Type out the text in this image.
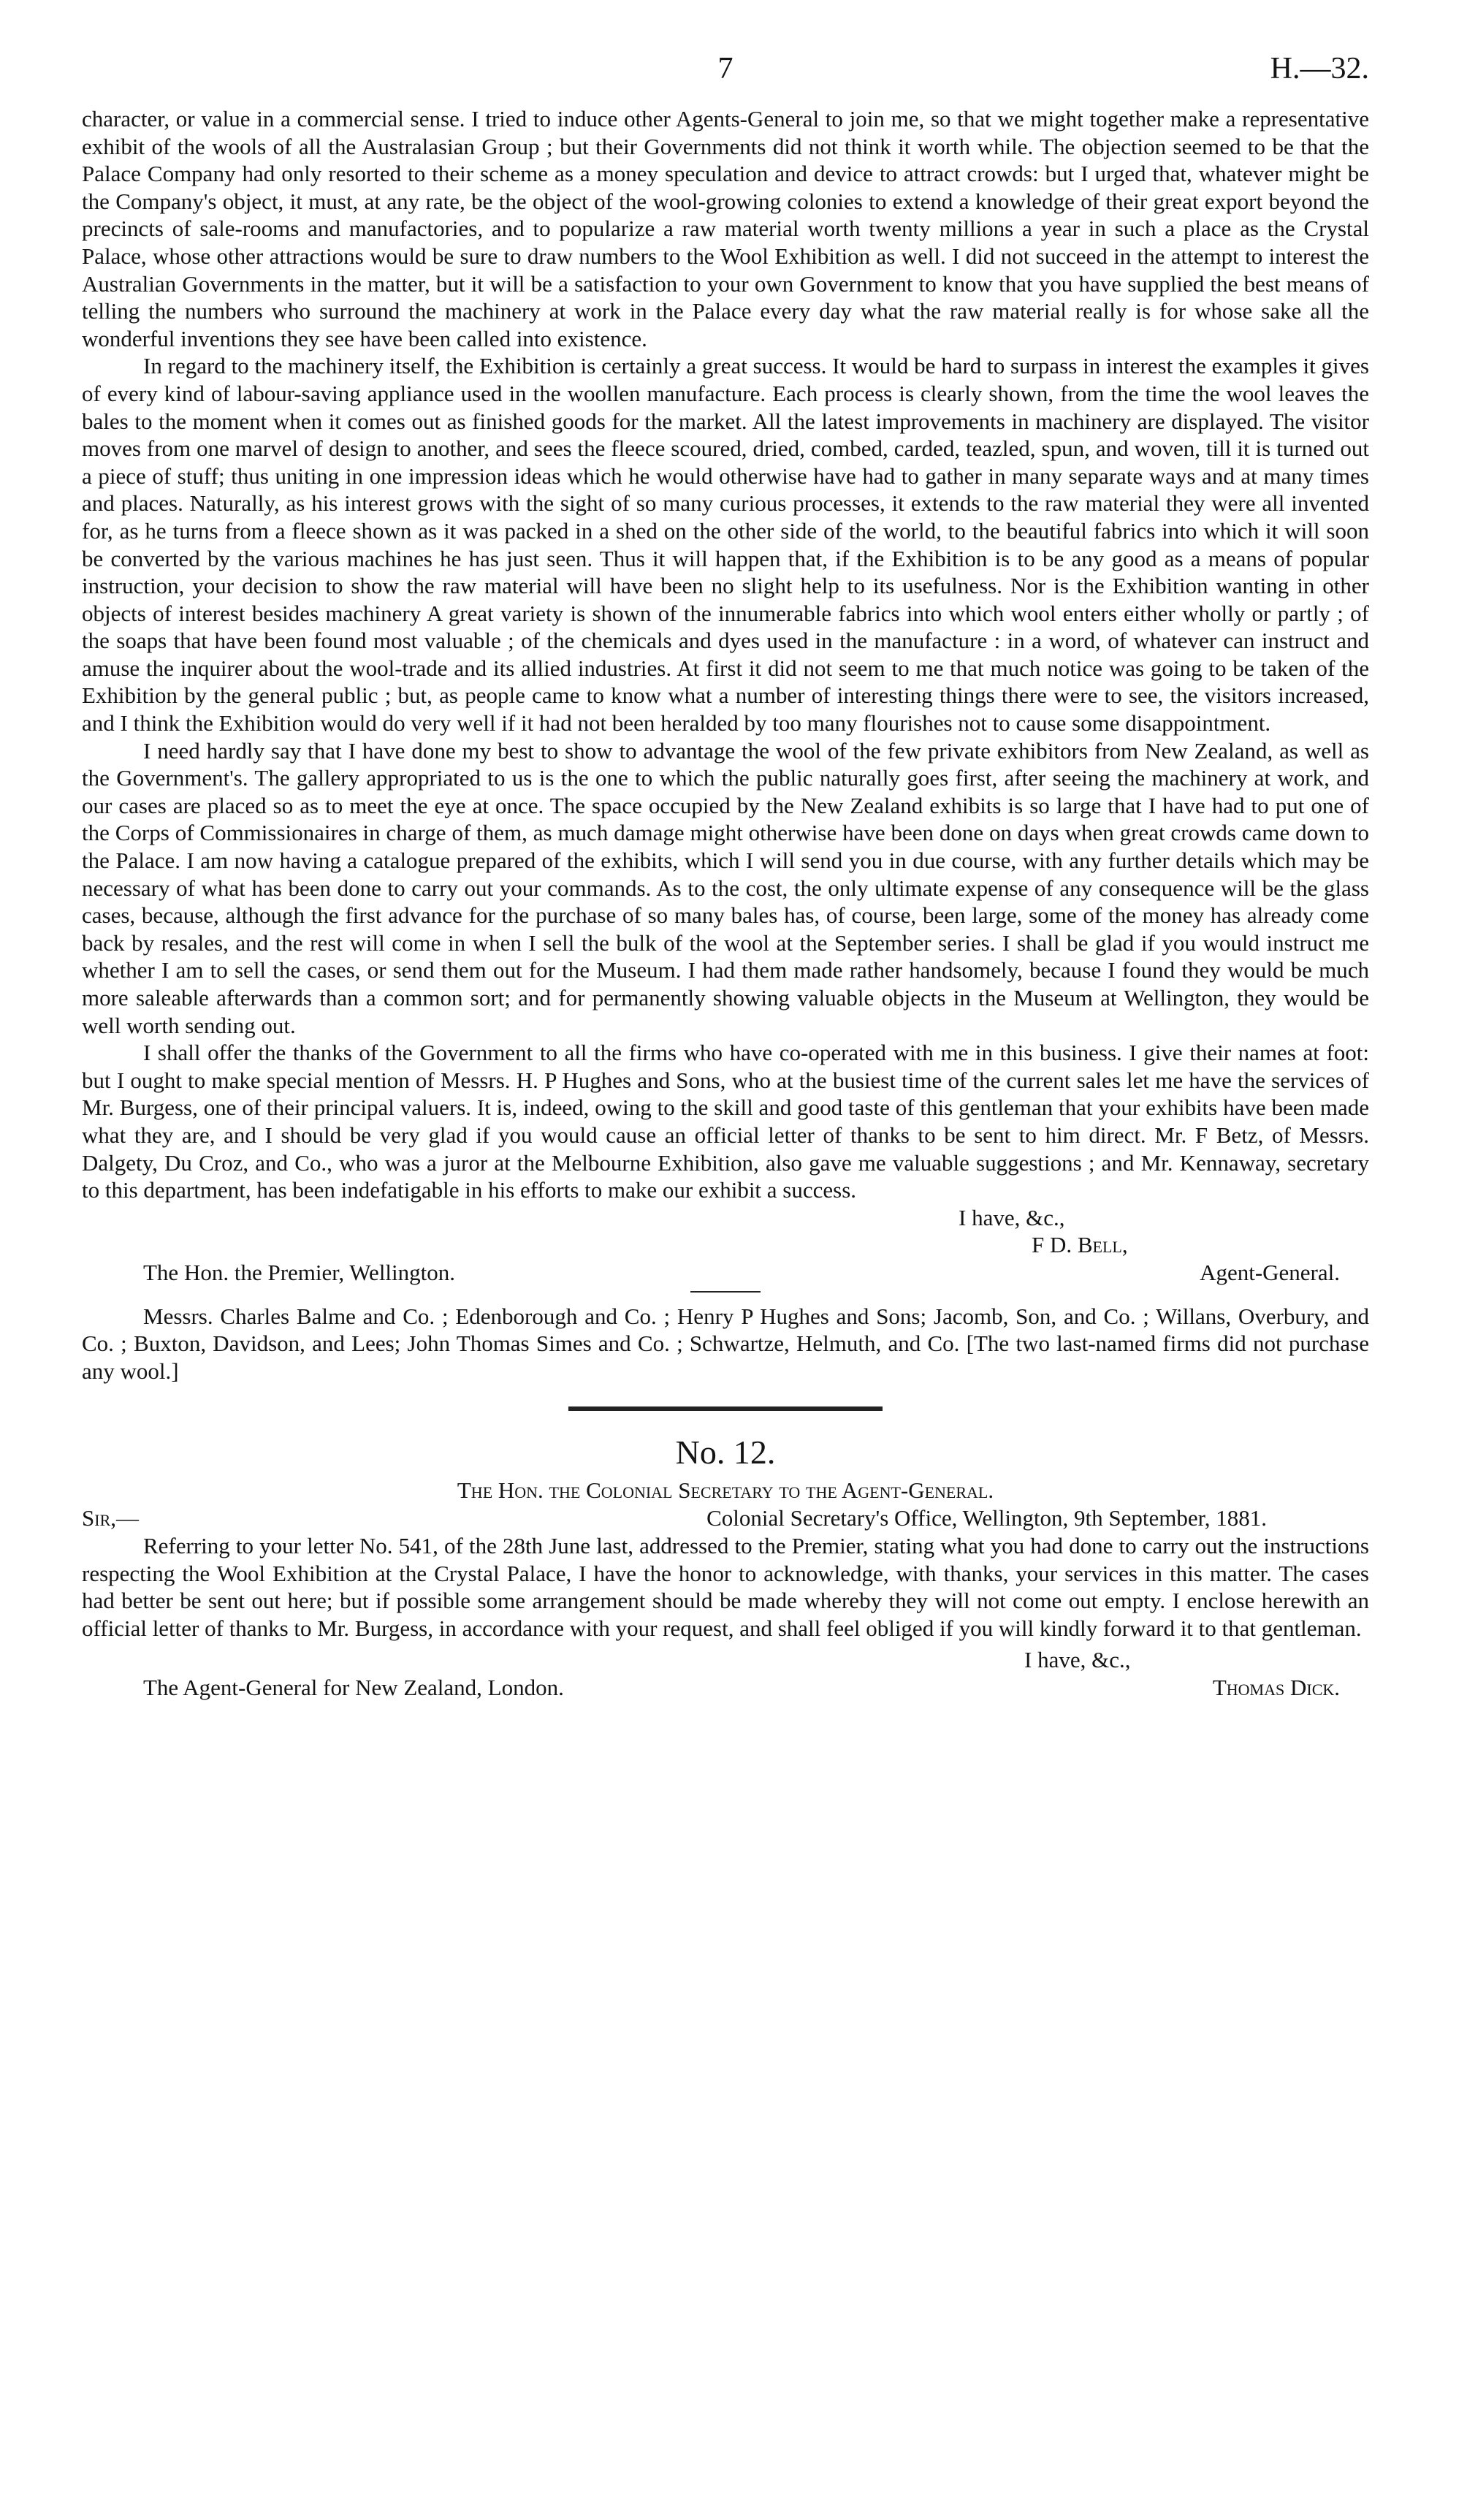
7	H.—32.

character, or value in a commercial sense. I tried to induce other Agents-General to join me, so that we might together make a representative exhibit of the wools of all the Australasian Group ; but their Governments did not think it worth while. The objection seemed to be that the Palace Company had only resorted to their scheme as a money speculation and device to attract crowds: but I urged that, whatever might be the Company's object, it must, at any rate, be the object of the wool-growing colonies to extend a knowledge of their great export beyond the precincts of sale-rooms and manufactories, and to popularize a raw material worth twenty millions a year in such a place as the Crystal Palace, whose other attractions would be sure to draw numbers to the Wool Exhibition as well. I did not succeed in the attempt to interest the Australian Governments in the matter, but it will be a satisfaction to your own Government to know that you have supplied the best means of telling the numbers who surround the machinery at work in the Palace every day what the raw material really is for whose sake all the wonderful inventions they see have been called into existence.

In regard to the machinery itself, the Exhibition is certainly a great success. It would be hard to surpass in interest the examples it gives of every kind of labour-saving appliance used in the woollen manufacture. Each process is clearly shown, from the time the wool leaves the bales to the moment when it comes out as finished goods for the market. All the latest improvements in machinery are displayed. The visitor moves from one marvel of design to another, and sees the fleece scoured, dried, combed, carded, teazled, spun, and woven, till it is turned out a piece of stuff; thus uniting in one impression ideas which he would otherwise have had to gather in many separate ways and at many times and places. Naturally, as his interest grows with the sight of so many curious processes, it extends to the raw material they were all invented for, as he turns from a fleece shown as it was packed in a shed on the other side of the world, to the beautiful fabrics into which it will soon be converted by the various machines he has just seen. Thus it will happen that, if the Exhibition is to be any good as a means of popular instruction, your decision to show the raw material will have been no slight help to its usefulness. Nor is the Exhibition wanting in other objects of interest besides machinery A great variety is shown of the innumerable fabrics into which wool enters either wholly or partly ; of the soaps that have been found most valuable ; of the chemicals and dyes used in the manufacture : in a word, of whatever can instruct and amuse the inquirer about the wool-trade and its allied industries. At first it did not seem to me that much notice was going to be taken of the Exhibition by the general public ; but, as people came to know what a number of interesting things there were to see, the visitors increased, and I think the Exhibition would do very well if it had not been heralded by too many flourishes not to cause some disappointment.

I need hardly say that I have done my best to show to advantage the wool of the few private exhibitors from New Zealand, as well as the Government's. The gallery appropriated to us is the one to which the public naturally goes first, after seeing the machinery at work, and our cases are placed so as to meet the eye at once. The space occupied by the New Zealand exhibits is so large that I have had to put one of the Corps of Commissionaires in charge of them, as much damage might otherwise have been done on days when great crowds came down to the Palace. I am now having a catalogue prepared of the exhibits, which I will send you in due course, with any further details which may be necessary of what has been done to carry out your commands. As to the cost, the only ultimate expense of any consequence will be the glass cases, because, although the first advance for the purchase of so many bales has, of course, been large, some of the money has already come back by resales, and the rest will come in when I sell the bulk of the wool at the September series. I shall be glad if you would instruct me whether I am to sell the cases, or send them out for the Museum. I had them made rather handsomely, because I found they would be much more saleable afterwards than a common sort; and for permanently showing valuable objects in the Museum at Wellington, they would be well worth sending out.

I shall offer the thanks of the Government to all the firms who have co-operated with me in this business. I give their names at foot: but I ought to make special mention of Messrs. H. P Hughes and Sons, who at the busiest time of the current sales let me have the services of Mr. Burgess, one of their principal valuers. It is, indeed, owing to the skill and good taste of this gentleman that your exhibits have been made what they are, and I should be very glad if you would cause an official letter of thanks to be sent to him direct. Mr. F Betz, of Messrs. Dalgety, Du Croz, and Co., who was a juror at the Melbourne Exhibition, also gave me valuable suggestions ; and Mr. Kennaway, secretary to this department, has been indefatigable in his efforts to make our exhibit a success.

I have, &c.,
F D. Bell,
The Hon. the Premier, Wellington.	Agent-General.

Messrs. Charles Balme and Co. ; Edenborough and Co. ; Henry P Hughes and Sons; Jacomb, Son, and Co. ; Willans, Overbury, and Co. ; Buxton, Davidson, and Lees; John Thomas Simes and Co. ; Schwartze, Helmuth, and Co. [The two last-named firms did not purchase any wool.]

No. 12.
The Hon. the Colonial Secretary to the Agent-General.
Sir,—	Colonial Secretary's Office, Wellington, 9th September, 1881.

Referring to your letter No. 541, of the 28th June last, addressed to the Premier, stating what you had done to carry out the instructions respecting the Wool Exhibition at the Crystal Palace, I have the honor to acknowledge, with thanks, your services in this matter. The cases had better be sent out here; but if possible some arrangement should be made whereby they will not come out empty. I enclose herewith an official letter of thanks to Mr. Burgess, in accordance with your request, and shall feel obliged if you will kindly forward it to that gentleman.

I have, &c.,
The Agent-General for New Zealand, London.	Thomas Dick.
